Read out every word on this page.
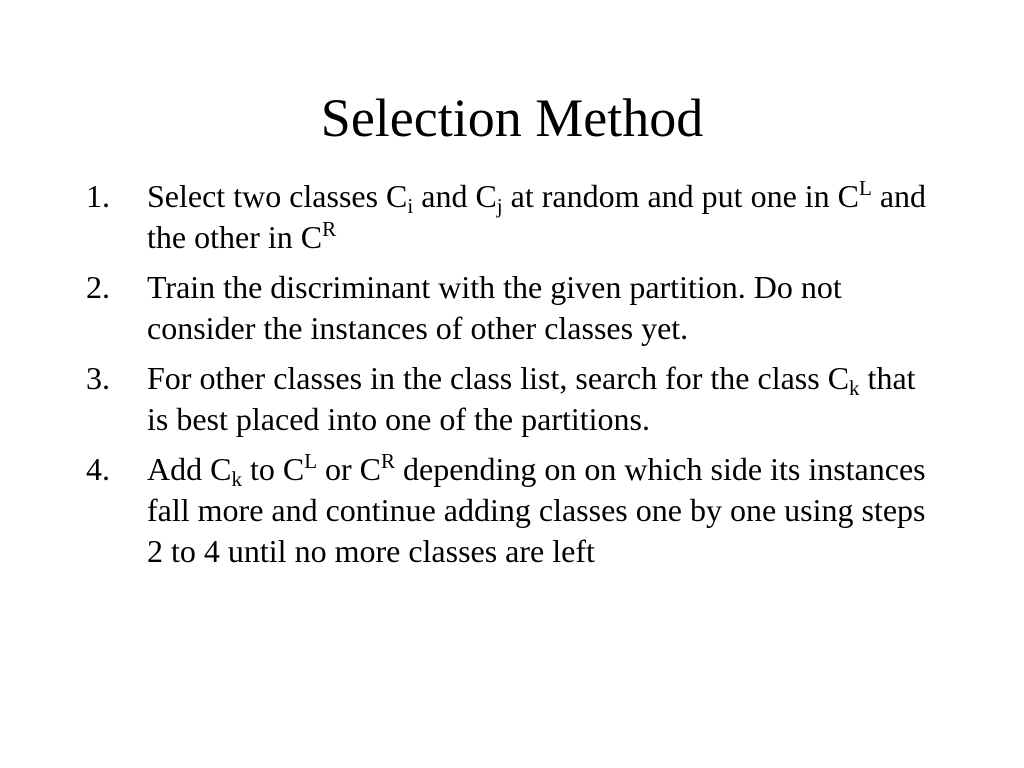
Selection Method
1. Select two classes $C_i$ and $C_j$ at random and put one in $C^L$ and the other in $C^R$
2. Train the discriminant with the given partition. Do not consider the instances of other classes yet.
3. For other classes in the class list, search for the class $C_k$ that is best placed into one of the partitions.
4. Add $C_k$ to $C^L$ or $C^R$ depending on on which side its instances fall more and continue adding classes one by one using steps 2 to 4 until no more classes are left
